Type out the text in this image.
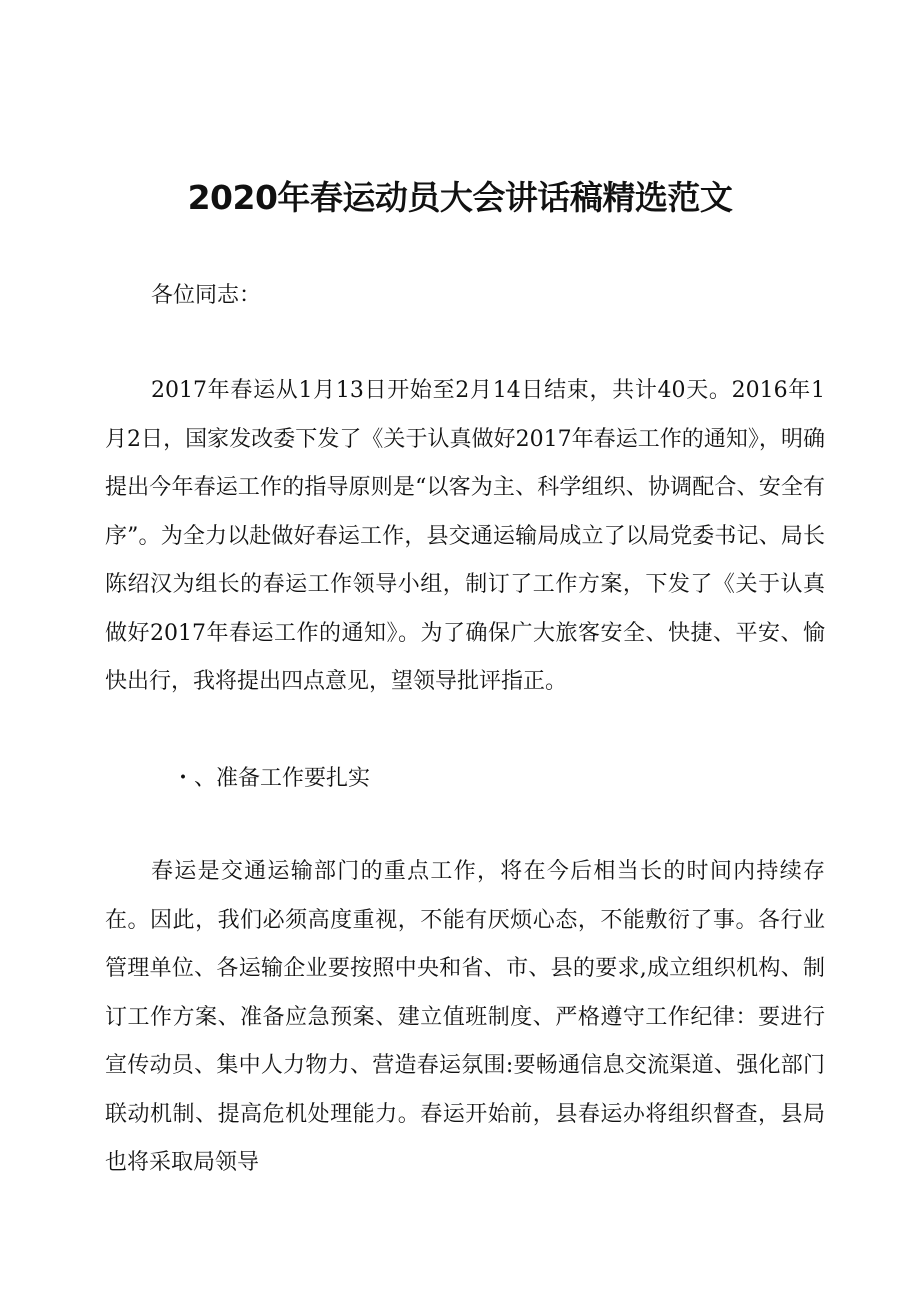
2020年春运动员大会讲话稿精选范文

各位同志：

2017年春运从1月13日开始至2月14日结束，共计40天。2016年1月2日，国家发改委下发了《关于认真做好2017年春运工作的通知》，明确提出今年春运工作的指导原则是“以客为主、科学组织、协调配合、安全有序”。为全力以赴做好春运工作，县交通运输局成立了以局党委书记、局长陈绍汉为组长的春运工作领导小组，制订了工作方案，下发了《关于认真做好2017年春运工作的通知》。为了确保广大旅客安全、快捷、平安、愉快出行，我将提出四点意见，望领导批评指正。

・、准备工作要扎实

春运是交通运输部门的重点工作，将在今后相当长的时间内持续存在。因此，我们必须高度重视，不能有厌烦心态，不能敷衍了事。各行业管理单位、各运输企业要按照中央和省、市、县的要求,成立组织机构、制订工作方案、准备应急预案、建立值班制度、严格遵守工作纪律：要进行宣传动员、集中人力物力、营造春运氛围:要畅通信息交流渠道、强化部门联动机制、提高危机处理能力。春运开始前，县春运办将组织督查，县局也将采取局领导
